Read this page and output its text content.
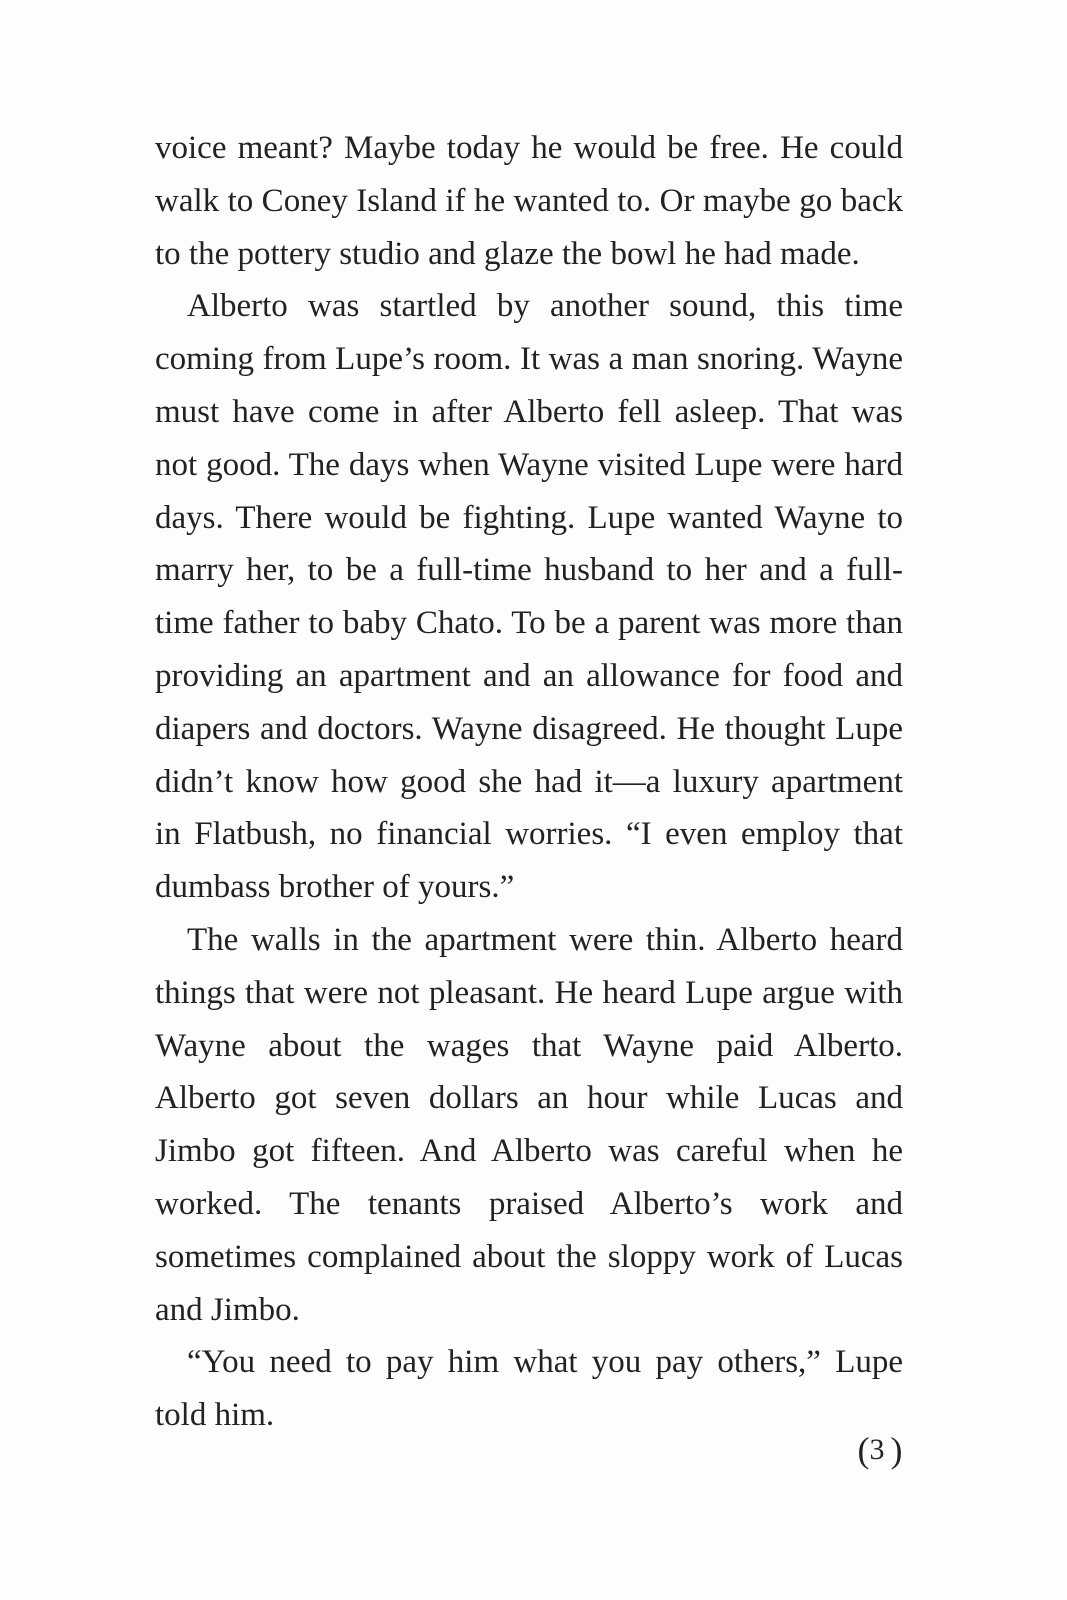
voice meant? Maybe today he would be free. He could walk to Coney Island if he wanted to. Or maybe go back to the pottery studio and glaze the bowl he had made.

Alberto was startled by another sound, this time coming from Lupe’s room. It was a man snoring. Wayne must have come in after Alberto fell asleep. That was not good. The days when Wayne visited Lupe were hard days. There would be fighting. Lupe wanted Wayne to marry her, to be a full-time husband to her and a full-time father to baby Chato. To be a parent was more than providing an apartment and an allowance for food and diapers and doctors. Wayne disagreed. He thought Lupe didn’t know how good she had it—a luxury apartment in Flatbush, no financial worries. “I even employ that dumbass brother of yours.”

The walls in the apartment were thin. Alberto heard things that were not pleasant. He heard Lupe argue with Wayne about the wages that Wayne paid Alberto. Alberto got seven dollars an hour while Lucas and Jimbo got fifteen. And Alberto was careful when he worked. The tenants praised Alberto’s work and sometimes complained about the sloppy work of Lucas and Jimbo.

“You need to pay him what you pay others,” Lupe told him.

( 3 )
